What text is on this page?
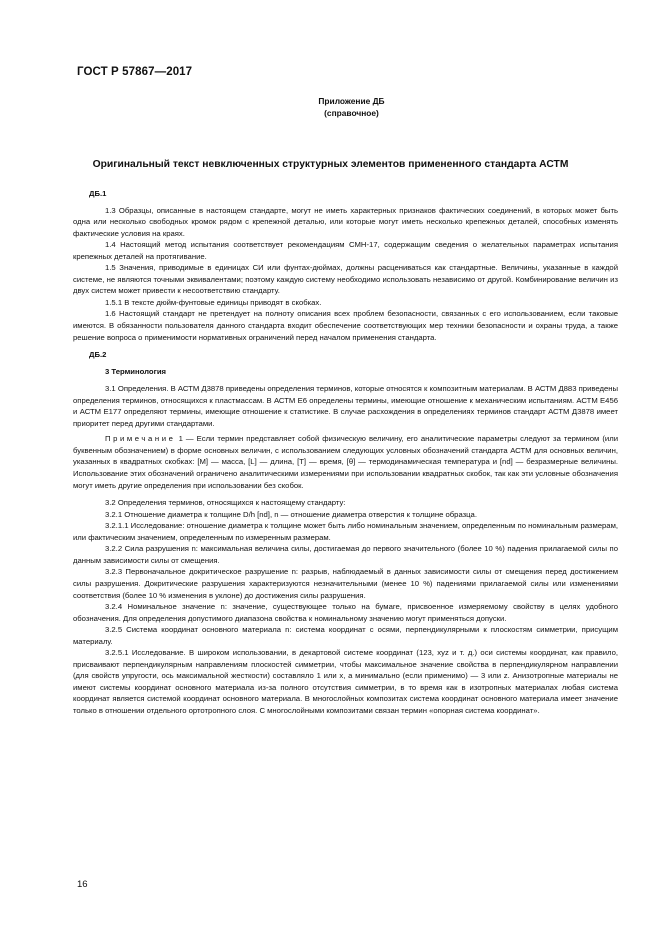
ГОСТ Р 57867—2017
Приложение ДБ
(справочное)
Оригинальный текст невключенных структурных элементов примененного стандарта АСТМ

ДБ.1

1.3 Образцы, описанные в настоящем стандарте, могут не иметь характерных признаков фактических соединений, в которых может быть одна или несколько свободных кромок рядом с крепежной деталью, или которые могут иметь несколько крепежных деталей, способных изменять фактические условия на краях.

1.4 Настоящий метод испытания соответствует рекомендациям CMH-17, содержащим сведения о желательных параметрах испытания крепежных деталей на протягивание.

1.5 Значения, приводимые в единицах СИ или фунтах-дюймах, должны расцениваться как стандартные. Величины, указанные в каждой системе, не являются точными эквивалентами; поэтому каждую систему необходимо использовать независимо от другой. Комбинирование величин из двух систем может привести к несоответствию стандарту.

1.5.1 В тексте дюйм-фунтовые единицы приводят в скобках.

1.6 Настоящий стандарт не претендует на полноту описания всех проблем безопасности, связанных с его использованием, если таковые имеются. В обязанности пользователя данного стандарта входит обеспечение соответствующих мер техники безопасности и охраны труда, а также решение вопроса о применимости нормативных ограничений перед началом применения стандарта.

ДБ.2

3 Терминология

3.1 Определения. В АСТМ Д3878 приведены определения терминов, которые относятся к композитным материалам. В АСТМ Д883 приведены определения терминов, относящихся к пластмассам. В АСТМ Е6 определены термины, имеющие отношение к механическим испытаниям. АСТМ Е456 и АСТМ Е177 определяют термины, имеющие отношение к статистике. В случае расхождения в определениях терминов стандарт АСТМ Д3878 имеет приоритет перед другими стандартами.

Примечание 1 — Если термин представляет собой физическую величину, его аналитические параметры следуют за термином (или буквенным обозначением) в форме основных величин, с использованием следующих условных обозначений стандарта АСТМ для основных величин, указанных в квадратных скобках: [M] — масса, [L] — длина, [T] — время, [θ] — термодинамическая температура и [nd] — безразмерные величины. Использование этих обозначений ограничено аналитическими измерениями при использовании квадратных скобок, так как эти условные обозначения могут иметь другие определения при использовании без скобок.

3.2 Определения терминов, относящихся к настоящему стандарту:

3.2.1 Отношение диаметра к толщине D/h [nd], n — отношение диаметра отверстия к толщине образца.

3.2.1.1 Исследование: отношение диаметра к толщине может быть либо номинальным значением, определенным по номинальным размерам, или фактическим значением, определенным по измеренным размерам.

3.2.2 Сила разрушения n: максимальная величина силы, достигаемая до первого значительного (более 10 %) падения прилагаемой силы по данным зависимости силы от смещения.

3.2.3 Первоначальное докритическое разрушение n: разрыв, наблюдаемый в данных зависимости силы от смещения перед достижением силы разрушения. Докритические разрушения характеризуются незначительными (менее 10 %) падениями прилагаемой силы или изменениями соответствия (более 10 % изменения в уклоне) до достижения силы разрушения.

3.2.4 Номинальное значение n: значение, существующее только на бумаге, присвоенное измеряемому свойству в целях удобного обозначения. Для определения допустимого диапазона свойства к номинальному значению могут применяться допуски.

3.2.5 Система координат основного материала n: система координат с осями, перпендикулярными к плоскостям симметрии, присущим материалу.

3.2.5.1 Исследование. В широком использовании, в декартовой системе координат (123, xyz и т. д.) оси системы координат, как правило, присваивают перпендикулярным направлениям плоскостей симметрии, чтобы максимальное значение свойства в перпендикулярном направлении (для свойств упругости, ось максимальной жесткости) составляло 1 или x, а минимально (если применимо) — 3 или z. Анизотропные материалы не имеют системы координат основного материала из-за полного отсутствия симметрии, в то время как в изотропных материалах любая система координат является системой координат основного материала. В многослойных композитах система координат основного материала имеет значение только в отношении отдельного ортотропного слоя. С многослойными композитами связан термин «опорная система координат».

16
